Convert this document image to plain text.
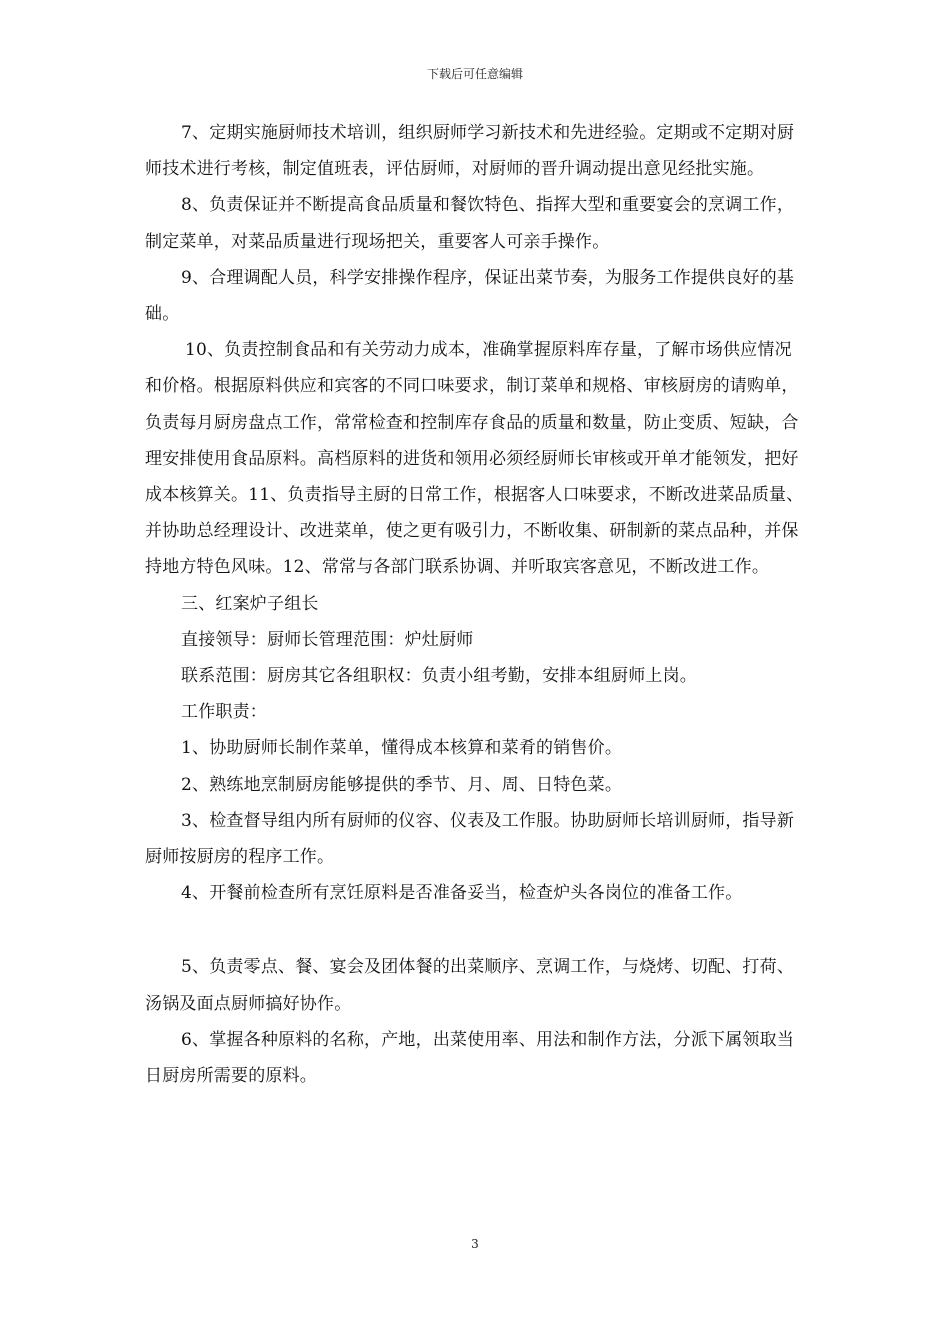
下载后可任意编辑

7、定期实施厨师技术培训，组织厨师学习新技术和先进经验。定期或不定期对厨师技术进行考核，制定值班表，评估厨师，对厨师的晋升调动提出意见经批实施。

8、负责保证并不断提高食品质量和餐饮特色、指挥大型和重要宴会的烹调工作，制定菜单，对菜品质量进行现场把关，重要客人可亲手操作。

9、合理调配人员，科学安排操作程序，保证出菜节奏，为服务工作提供良好的基础。

10、负责控制食品和有关劳动力成本，准确掌握原料库存量，了解市场供应情况和价格。根据原料供应和宾客的不同口味要求，制订菜单和规格、审核厨房的请购单，负责每月厨房盘点工作，常常检查和控制库存食品的质量和数量，防止变质、短缺，合理安排使用食品原料。高档原料的进货和领用必须经厨师长审核或开单才能领发，把好成本核算关。11、负责指导主厨的日常工作，根据客人口味要求，不断改进菜品质量、并协助总经理设计、改进菜单，使之更有吸引力，不断收集、研制新的菜点品种，并保持地方特色风味。12、常常与各部门联系协调、并听取宾客意见，不断改进工作。

三、红案炉子组长

直接领导：厨师长管理范围：炉灶厨师

联系范围：厨房其它各组职权：负责小组考勤，安排本组厨师上岗。

工作职责：

1、协助厨师长制作菜单，懂得成本核算和菜肴的销售价。

2、熟练地烹制厨房能够提供的季节、月、周、日特色菜。

3、检查督导组内所有厨师的仪容、仪表及工作服。协助厨师长培训厨师，指导新厨师按厨房的程序工作。

4、开餐前检查所有烹饪原料是否准备妥当，检查炉头各岗位的准备工作。

5、负责零点、餐、宴会及团体餐的出菜顺序、烹调工作，与烧烤、切配、打荷、汤锅及面点厨师搞好协作。

6、掌握各种原料的名称，产地，出菜使用率、用法和制作方法，分派下属领取当日厨房所需要的原料。

3
